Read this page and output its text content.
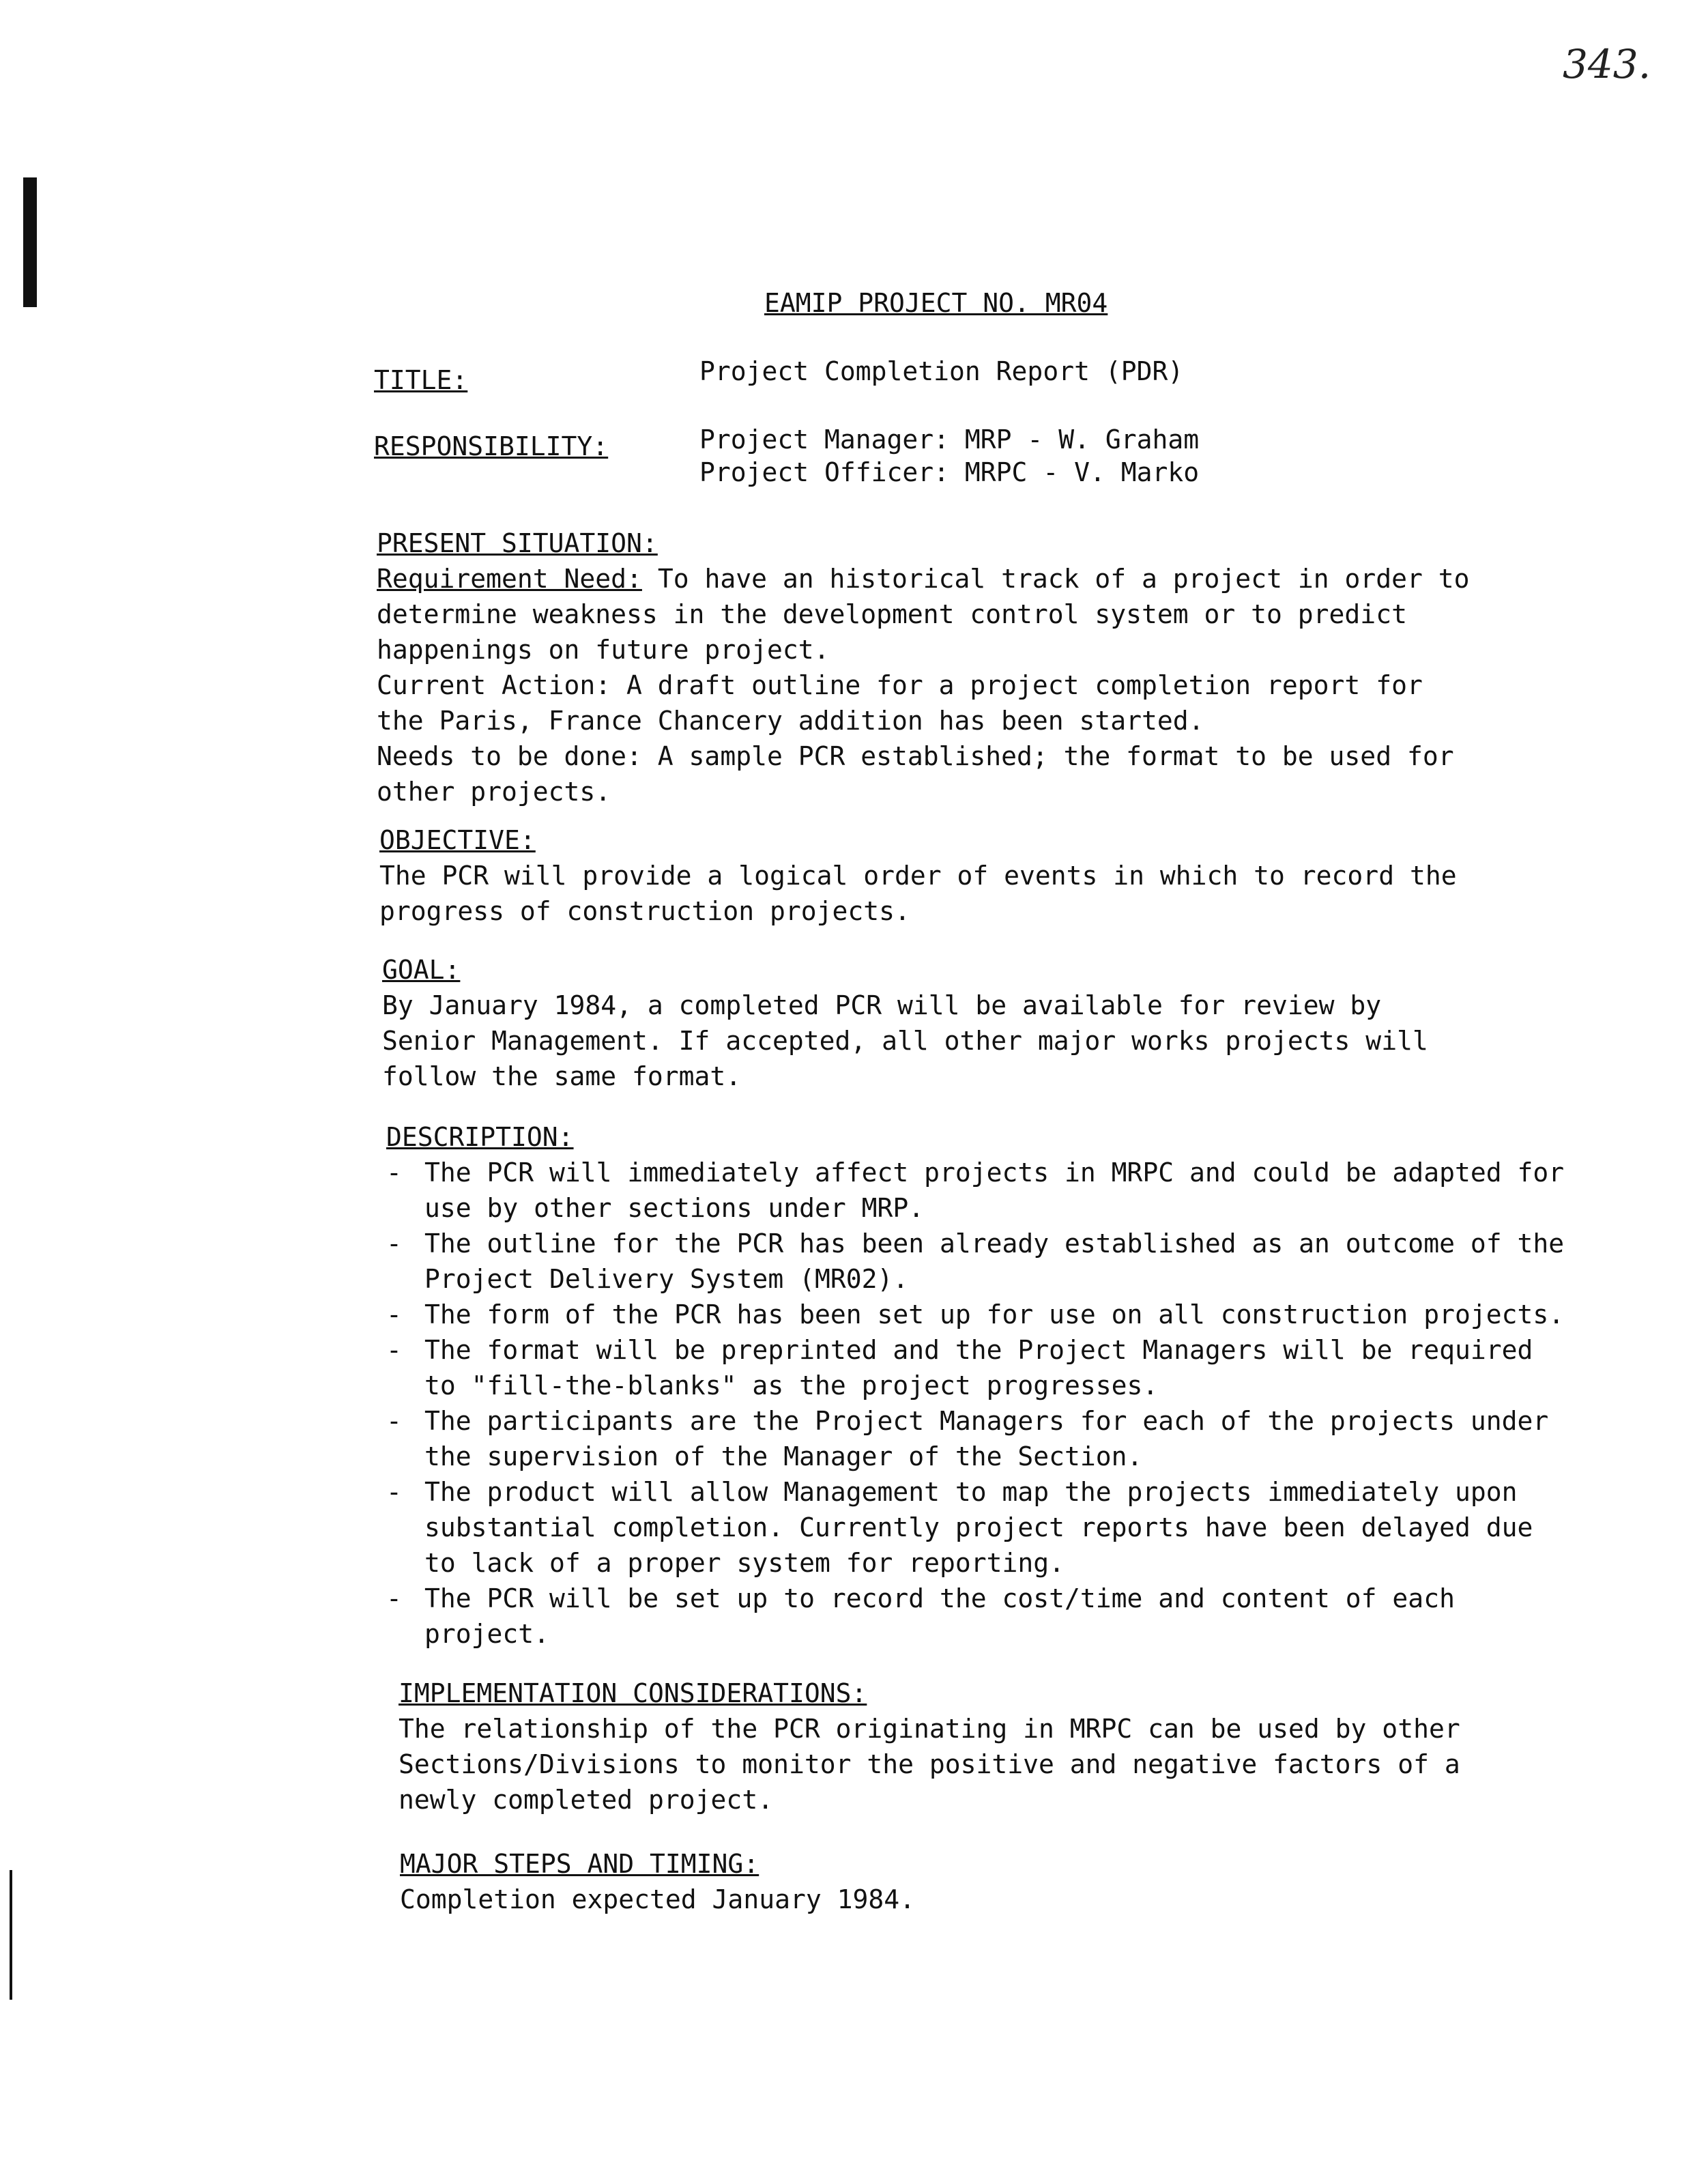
343.
EAMIP PROJECT NO. MR04
TITLE:	Project Completion Report (PDR)
RESPONSIBILITY:	Project Manager: MRP - W. Graham
Project Officer: MRPC - V. Marko

PRESENT SITUATION:

Requirement Need: To have an historical track of a project in order to

determine weakness in the development control system or to predict

happenings on future project.

Current Action: A draft outline for a project completion report for

the Paris, France Chancery addition has been started.

Needs to be done: A sample PCR established; the format to be used for

other projects.

OBJECTIVE:

The PCR will provide a logical order of events in which to record the

progress of construction projects.

GOAL:

By January 1984, a completed PCR will be available for review by

Senior Management. If accepted, all other major works projects will

follow the same format.

DESCRIPTION:

- The PCR will immediately affect projects in MRPC and could be adapted for use by other sections under MRP.
- The outline for the PCR has been already established as an outcome of the Project Delivery System (MR02).
- The form of the PCR has been set up for use on all construction projects.
- The format will be preprinted and the Project Managers will be required to "fill-the-blanks" as the project progresses.
- The participants are the Project Managers for each of the projects under the supervision of the Manager of the Section.
- The product will allow Management to map the projects immediately upon substantial completion. Currently project reports have been delayed due to lack of a proper system for reporting.
- The PCR will be set up to record the cost/time and content of each project.

IMPLEMENTATION CONSIDERATIONS:

The relationship of the PCR originating in MRPC can be used by other

Sections/Divisions to monitor the positive and negative factors of a

newly completed project.

MAJOR STEPS AND TIMING:

Completion expected January 1984.
